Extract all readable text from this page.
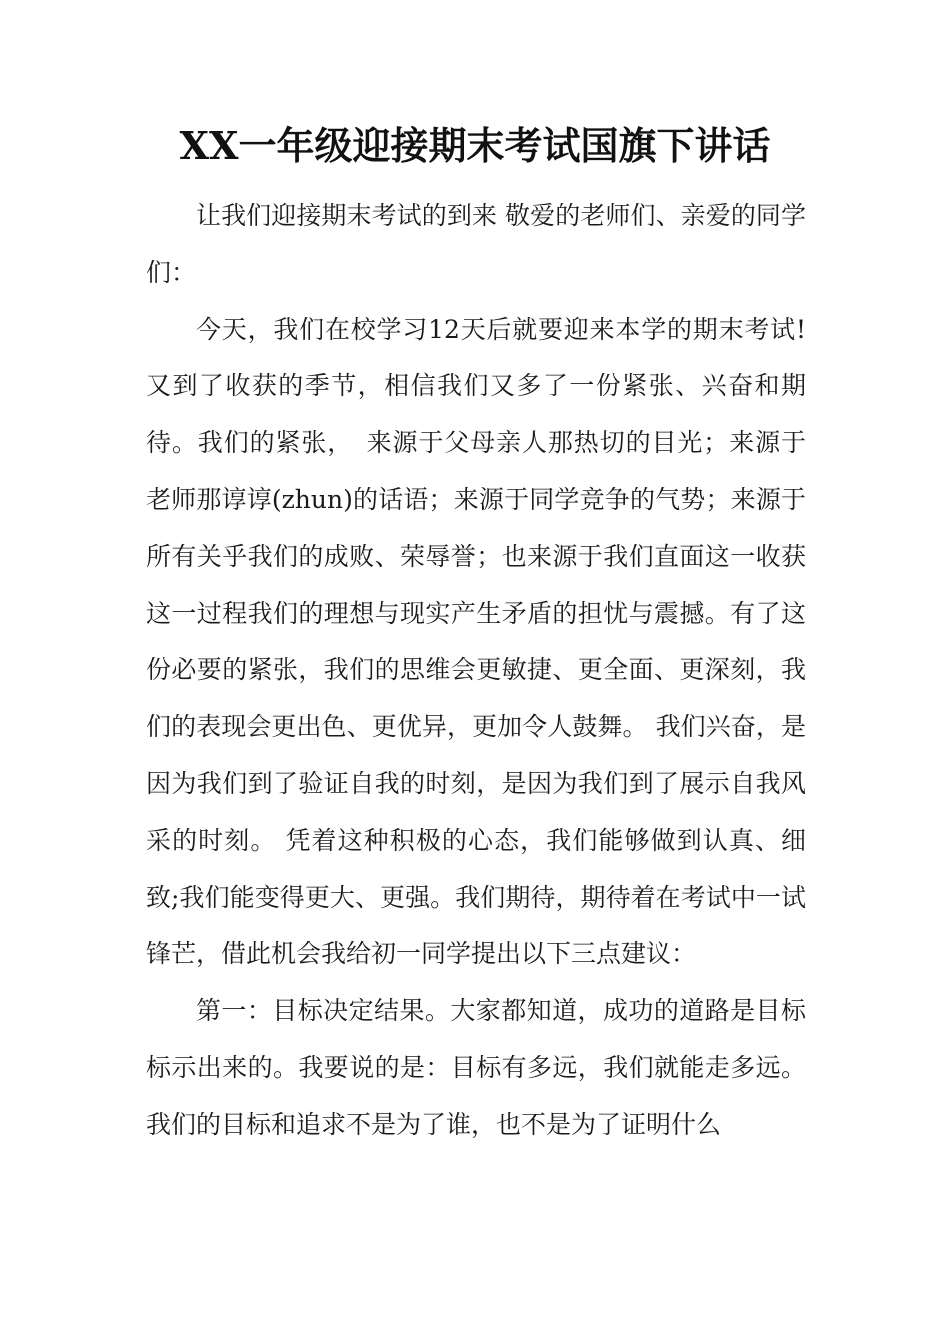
XX一年级迎接期末考试国旗下讲话

让我们迎接期末考试的到来 敬爱的老师们、亲爱的同学们：

今天，我们在校学习12天后就要迎来本学的期末考试!又到了收获的季节，相信我们又多了一份紧张、兴奋和期待。我们的紧张，　来源于父母亲人那热切的目光；来源于老师那谆谆(zhun)的话语；来源于同学竞争的气势；来源于所有关乎我们的成败、荣辱誉；也来源于我们直面这一收获这一过程我们的理想与现实产生矛盾的担忧与震撼。有了这份必要的紧张，我们的思维会更敏捷、更全面、更深刻，我们的表现会更出色、更优异，更加令人鼓舞。 我们兴奋，是因为我们到了验证自我的时刻，是因为我们到了展示自我风采的时刻。 凭着这种积极的心态，我们能够做到认真、细致;我们能变得更大、更强。我们期待，期待着在考试中一试锋芒，借此机会我给初一同学提出以下三点建议：

第一：目标决定结果。大家都知道，成功的道路是目标标示出来的。我要说的是：目标有多远，我们就能走多远。我们的目标和追求不是为了谁，也不是为了证明什么
